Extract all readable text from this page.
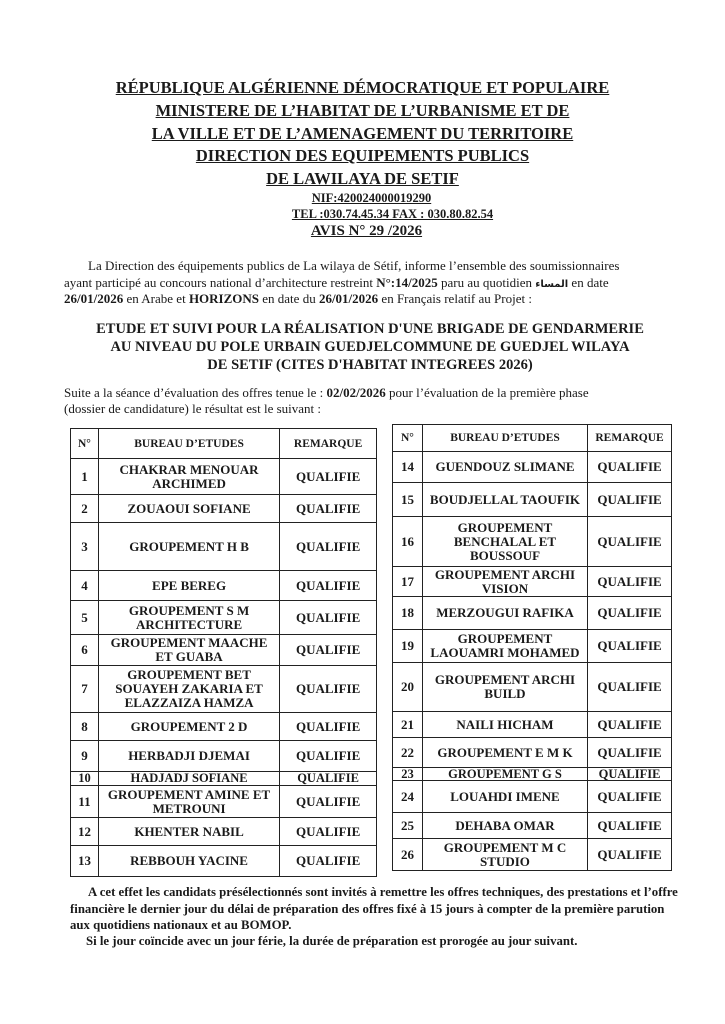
RÉPUBLIQUE ALGÉRIENNE DÉMOCRATIQUE ET POPULAIRE
MINISTERE DE L’HABITAT DE L’URBANISME ET DE
LA VILLE ET DE L’AMENAGEMENT DU TERRITOIRE
DIRECTION DES EQUIPEMENTS PUBLICS
DE LAWILAYA DE SETIF
NIF:420024000019290
TEL :030.74.45.34 FAX : 030.80.82.54
AVIS N° 29 /2026
La Direction des équipements publics de La wilaya de Sétif, informe l’ensemble des soumissionnaires
ayant participé au concours national d’architecture restreint N°:14/2025 paru au quotidien المساء en date
26/01/2026 en Arabe et HORIZONS en date du 26/01/2026 en Français relatif au Projet :
ETUDE ET SUIVI POUR LA RÉALISATION D'UNE BRIGADE DE GENDARMERIE
AU NIVEAU DU POLE URBAIN GUEDJELCOMMUNE DE GUEDJEL WILAYA
DE SETIF (CITES D'HABITAT INTEGREES 2026)
Suite a la séance d’évaluation des offres tenue le : 02/02/2026 pour l’évaluation de la première phase
(dossier de candidature) le résultat est le suivant :
N°	BUREAU D’ETUDES	REMARQUE
1	CHAKRAR MENOUAR ARCHIMED	QUALIFIE
2	ZOUAOUI SOFIANE	QUALIFIE
3	GROUPEMENT H B	QUALIFIE
4	EPE BEREG	QUALIFIE
5	GROUPEMENT S M ARCHITECTURE	QUALIFIE
6	GROUPEMENT MAACHE ET GUABA	QUALIFIE
7	GROUPEMENT BET SOUAYEH ZAKARIA ET ELAZZAIZA HAMZA	QUALIFIE
8	GROUPEMENT 2 D	QUALIFIE
9	HERBADJI DJEMAI	QUALIFIE
10	HADJADJ SOFIANE	QUALIFIE
11	GROUPEMENT AMINE ET METROUNI	QUALIFIE
12	KHENTER NABIL	QUALIFIE
13	REBBOUH YACINE	QUALIFIE
N°	BUREAU D’ETUDES	REMARQUE
14	GUENDOUZ SLIMANE	QUALIFIE
15	BOUDJELLAL TAOUFIK	QUALIFIE
16	GROUPEMENT BENCHALAL ET BOUSSOUF	QUALIFIE
17	GROUPEMENT ARCHI VISION	QUALIFIE
18	MERZOUGUI RAFIKA	QUALIFIE
19	GROUPEMENT LAOUAMRI MOHAMED	QUALIFIE
20	GROUPEMENT ARCHI BUILD	QUALIFIE
21	NAILI HICHAM	QUALIFIE
22	GROUPEMENT E M K	QUALIFIE
23	GROUPEMENT G S	QUALIFIE
24	LOUAHDI IMENE	QUALIFIE
25	DEHABA OMAR	QUALIFIE
26	GROUPEMENT M C STUDIO	QUALIFIE
A cet effet les candidats présélectionnés sont invités à remettre les offres techniques, des prestations et l’offre financière le dernier jour du délai de préparation des offres fixé à 15 jours à compter de la première parution aux quotidiens nationaux et au BOMOP.
Si le jour coïncide avec un jour férie, la durée de préparation est prorogée au jour suivant.
